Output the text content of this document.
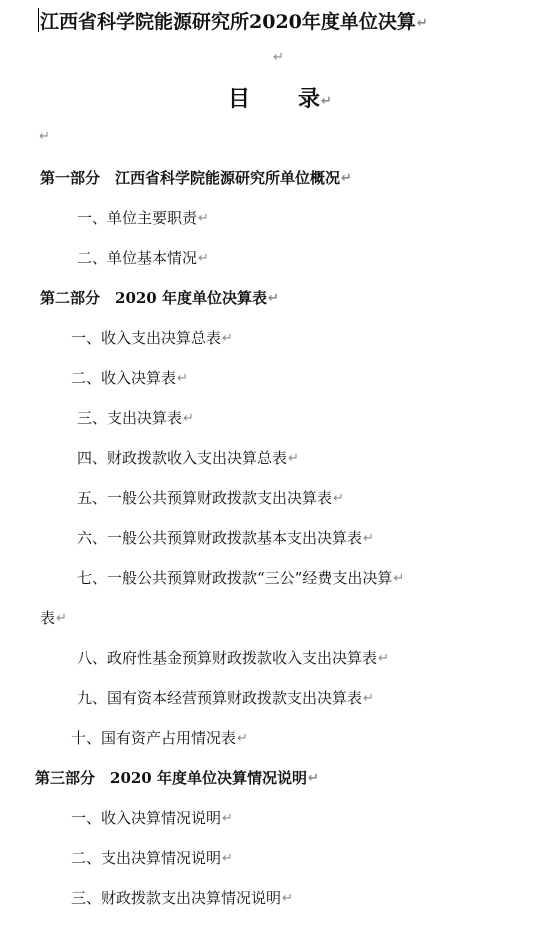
江西省科学院能源研究所2020年度单位决算↵
↵
目 录↵
↵
第一部分　江西省科学院能源研究所单位概况↵
一、单位主要职责↵
二、单位基本情况↵
第二部分　2020 年度单位决算表↵
一、收入支出决算总表↵
二、收入决算表↵
三、支出决算表↵
四、财政拨款收入支出决算总表↵
五、一般公共预算财政拨款支出决算表↵
六、一般公共预算财政拨款基本支出决算表↵
七、一般公共预算财政拨款“三公”经费支出决算↵
表↵
八、政府性基金预算财政拨款收入支出决算表↵
九、国有资本经营预算财政拨款支出决算表↵
十、国有资产占用情况表↵
第三部分　2020 年度单位决算情况说明↵
一、收入决算情况说明↵
二、支出决算情况说明↵
三、财政拨款支出决算情况说明↵
